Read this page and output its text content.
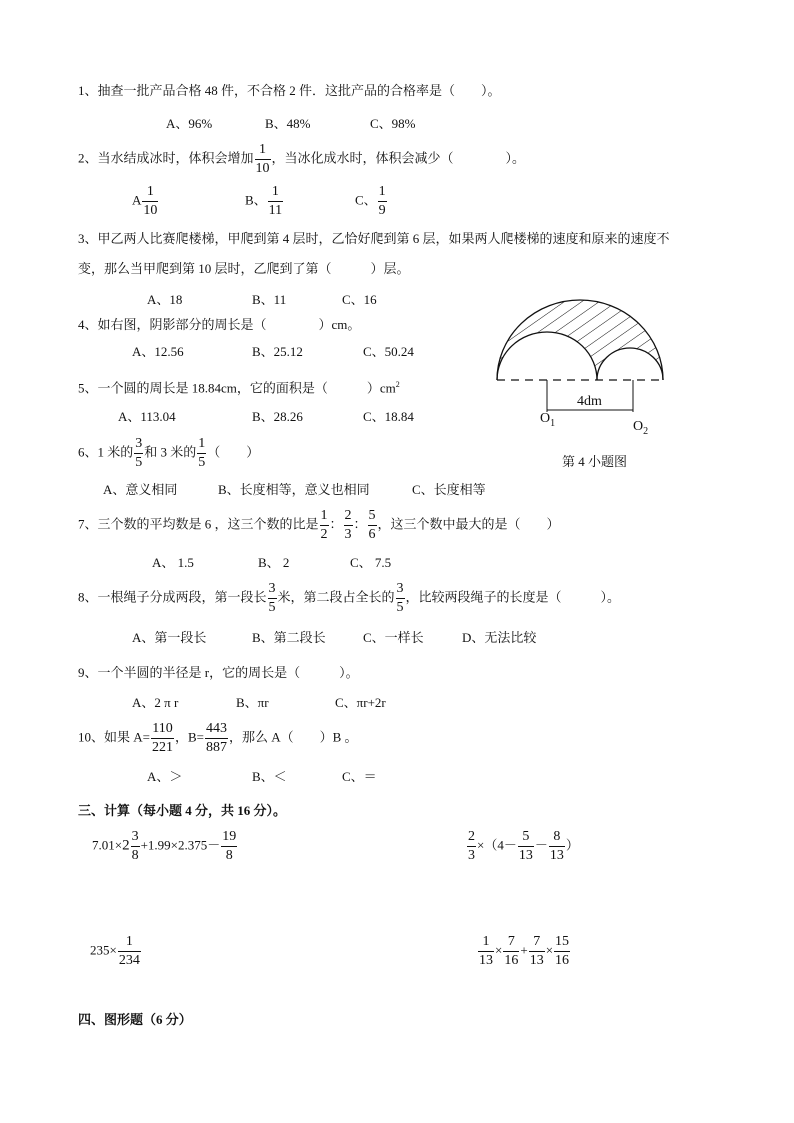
1、抽查一批产品合格 48 件，不合格 2 件．这批产品的合格率是（　　）。
A、96%	B、48%	C、98%
2、当水结成冰时，体积会增加 $\frac{1}{10}$ ，当冰化成水时，体积会减少（　　　　）。
A $\frac{1}{10}$	B、 $\frac{1}{11}$	C、 $\frac{1}{9}$
3、甲乙两人比赛爬楼梯，甲爬到第 4 层时，乙恰好爬到第 6 层，如果两人爬楼梯的速度和原来的速度不
变，那么当甲爬到第 10 层时，乙爬到了第（　　　）层。
A、18	B、11	C、16
4、如右图，阴影部分的周长是（　　　　）cm。
A、12.56	B、25.12	C、50.24
4dm
$O_1$	$O_2$
第 4 小题图
5、一个圆的周长是 18.84cm，它的面积是（　　　）$cm^2$
A、113.04	B、28.26	C、18.84
6、1 米的 $\frac{3}{5}$ 和 3 米的 $\frac{1}{5}$ （　　）
A、意义相同	B、长度相等，意义也相同	C、长度相等
7、三个数的平均数是 6 ，这三个数的比是 $\frac{1}{2}$ ： $\frac{2}{3}$ ： $\frac{5}{6}$ ，这三个数中最大的是（　　）
A、 1.5	B、 2	C、 7.5
8、一根绳子分成两段，第一段长 $\frac{3}{5}$ 米，第二段占全长的 $\frac{3}{5}$ ，比较两段绳子的长度是（　　　）。
A、第一段长	B、第二段长	C、一样长	D、无法比较
9、一个半圆的半径是 r，它的周长是（　　　）。
A、2 π r	B、πr	C、πr+2r
10、如果 $A= \frac{110}{221}$ ，$B= \frac{443}{887}$ ，那么 A（　　）B 。
A、＞	B、＜	C、＝
三、计算（每小题 4 分，共 16 分）。
$7.01\times 2 \frac{3}{8} +1.99\times 2.375- \frac{19}{8}$	$\frac{2}{3} \times(4- \frac{5}{13} - \frac{8}{13}$ ）
$235\times \frac{1}{234}$	$\frac{1}{13} \times \frac{7}{16} + \frac{7}{13} \times \frac{15}{16}$
四、图形题（6 分）
